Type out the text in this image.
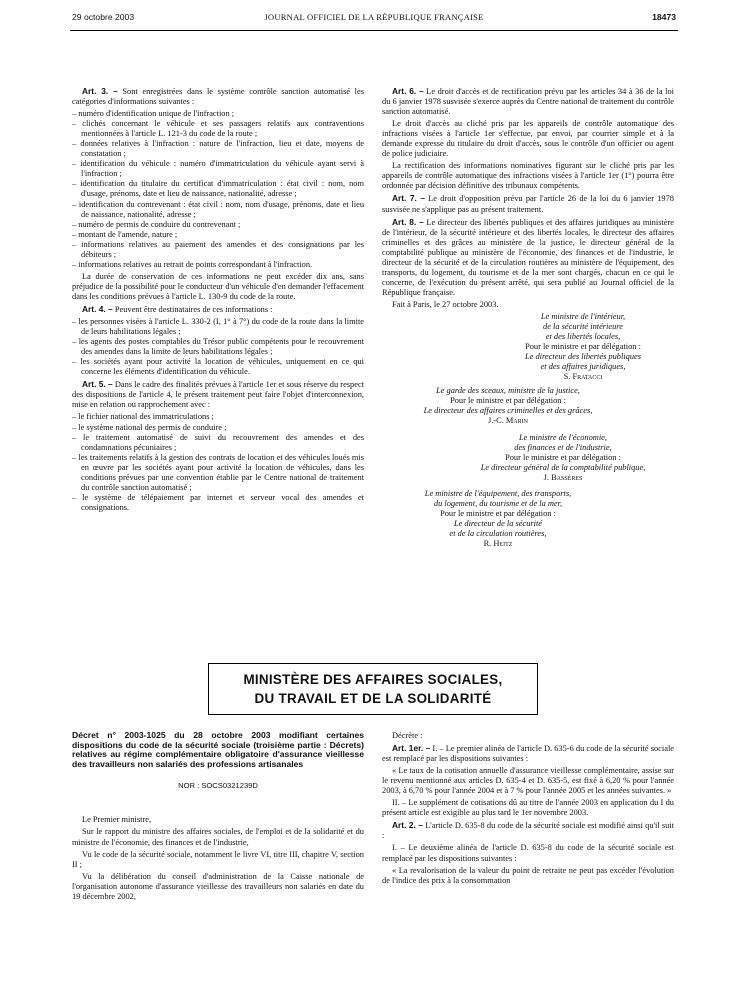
29 octobre 2003	JOURNAL OFFICIEL DE LA RÉPUBLIQUE FRANÇAISE	18473

Art. 3. – Sont enregistrées dans le système contrôle sanction automatisé les catégories d'informations suivantes :

– numéro d'identification unique de l'infraction ;
– clichés concernant le véhicule et ses passagers relatifs aux contraventions mentionnées à l'article L. 121-3 du code de la route ;
– données relatives à l'infraction : nature de l'infraction, lieu et date, moyens de constatation ;
– identification du véhicule : numéro d'immatriculation du véhicule ayant servi à l'infraction ;
– identification du titulaire du certificat d'immatriculation : état civil : nom, nom d'usage, prénoms, date et lieu de naissance, nationalité, adresse ;
– identification du contrevenant : état civil : nom, nom d'usage, prénoms, date et lieu de naissance, nationalité, adresse ;
– numéro de permis de conduire du contrevenant ;
– montant de l'amende, nature ;
– informations relatives au paiement des amendes et des consignations par les débiteurs ;
– informations relatives au retrait de points correspondant à l'infraction.

La durée de conservation de ces informations ne peut excéder dix ans, sans préjudice de la possibilité pour le conducteur d'un véhicule d'en demander l'effacement dans les conditions prévues à l'article L. 130-9 du code de la route.

Art. 4. – Peuvent être destinataires de ces informations :

– les personnes visées à l'article L. 330-2 (I, 1° à 7°) du code de la route dans la limite de leurs habilitations légales ;
– les agents des postes comptables du Trésor public compétents pour le recouvrement des amendes dans la limite de leurs habilitations légales ;
– les sociétés ayant pour activité la location de véhicules, uniquement en ce qui concerne les éléments d'identification du véhicule.

Art. 5. – Dans le cadre des finalités prévues à l'article 1er et sous réserve du respect des dispositions de l'article 4, le présent traitement peut faire l'objet d'interconnexion, mise en relation ou rapprochement avec :

– le fichier national des immatriculations ;
– le système national des permis de conduire ;
– le traitement automatisé de suivi du recouvrement des amendes et des condamnations pécuniaires ;
– les traitements relatifs à la gestion des contrats de location et des véhicules loués mis en œuvre par les sociétés ayant pour activité la location de véhicules, dans les conditions prévues par une convention établie par le Centre national de traitement du contrôle sanction automatisé ;
– le système de télépaiement par internet et serveur vocal des amendes et consignations.

Art. 6. – Le droit d'accès et de rectification prévu par les articles 34 à 36 de la loi du 6 janvier 1978 susvisée s'exerce auprès du Centre national de traitement du contrôle sanction automatisé.

Le droit d'accès au cliché pris par les appareils de contrôle automatique des infractions visées à l'article 1er s'effectue, par envoi, par courrier simple et à la demande expresse du titulaire du droit d'accès, sous le contrôle d'un officier ou agent de police judiciaire.

La rectification des informations nominatives figurant sur le cliché pris par les appareils de contrôle automatique des infractions visées à l'article 1er (1°) pourra être ordonnée par décision définitive des tribunaux compétents.

Art. 7. – Le droit d'opposition prévu par l'article 26 de la loi du 6 janvier 1978 susvisée ne s'applique pas au présent traitement.

Art. 8. – Le directeur des libertés publiques et des affaires juridiques au ministère de l'intérieur, de la sécurité intérieure et des libertés locales, le directeur des affaires criminelles et des grâces au ministère de la justice, le directeur général de la comptabilité publique au ministère de l'économie, des finances et de l'industrie, le directeur de la sécurité et de la circulation routières au ministère de l'équipement, des transports, du logement, du tourisme et de la mer sont chargés, chacun en ce qui le concerne, de l'exécution du présent arrêté, qui sera publié au Journal officiel de la République française.

Fait à Paris, le 27 octobre 2003.

Le ministre de l'intérieur,
de la sécurité intérieure
et des libertés locales,
Pour le ministre et par délégation :
Le directeur des libertés publiques
et des affaires juridiques,
S. Fratacci
Le garde des sceaux, ministre de la justice,
Pour le ministre et par délégation :
Le directeur des affaires criminelles et des grâces,
J.-C. Marin
Le ministre de l'économie,
des finances et de l'industrie,
Pour le ministre et par délégation :
Le directeur général de la comptabilité publique,
J. Bassères
Le ministre de l'équipement, des transports,
du logement, du tourisme et de la mer,
Pour le ministre et par délégation :
Le directeur de la sécurité
et de la circulation routières,
R. Heitz
MINISTÈRE DES AFFAIRES SOCIALES,
DU TRAVAIL ET DE LA SOLIDARITÉ
Décret n° 2003-1025 du 28 octobre 2003 modifiant certaines dispositions du code de la sécurité sociale (troisième partie : Décrets) relatives au régime complémentaire obligatoire d'assurance vieillesse des travailleurs non salariés des professions artisanales
NOR : SOCS0321239D

Le Premier ministre,

Sur le rapport du ministre des affaires sociales, de l'emploi et de la solidarité et du ministre de l'économie, des finances et de l'industrie,

Vu le code de la sécurité sociale, notamment le livre VI, titre III, chapitre V, section II ;

Vu la délibération du conseil d'administration de la Caisse nationale de l'organisation autonome d'assurance vieillesse des travailleurs non salariés en date du 19 décembre 2002,

Décrète :

Art. 1er. – I. – Le premier alinéa de l'article D. 635-6 du code de la sécurité sociale est remplacé par les dispositions suivantes :

« Le taux de la cotisation annuelle d'assurance vieillesse complémentaire, assise sur le revenu mentionné aux articles D. 635-4 et D. 635-5, est fixé à 6,20 % pour l'année 2003, à 6,70 % pour l'année 2004 et à 7 % pour l'année 2005 et les années suivantes. »

II. – Le supplément de cotisations dû au titre de l'année 2003 en application du I du présent article est exigible au plus tard le 1er novembre 2003.

Art. 2. – L'article D. 635-8 du code de la sécurité sociale est modifié ainsi qu'il suit :

I. – Le deuxième alinéa de l'article D. 635-8 du code de la sécurité sociale est remplacé par les dispositions suivantes :

« La revalorisation de la valeur du point de retraite ne peut pas excéder l'évolution de l'indice des prix à la consommation
